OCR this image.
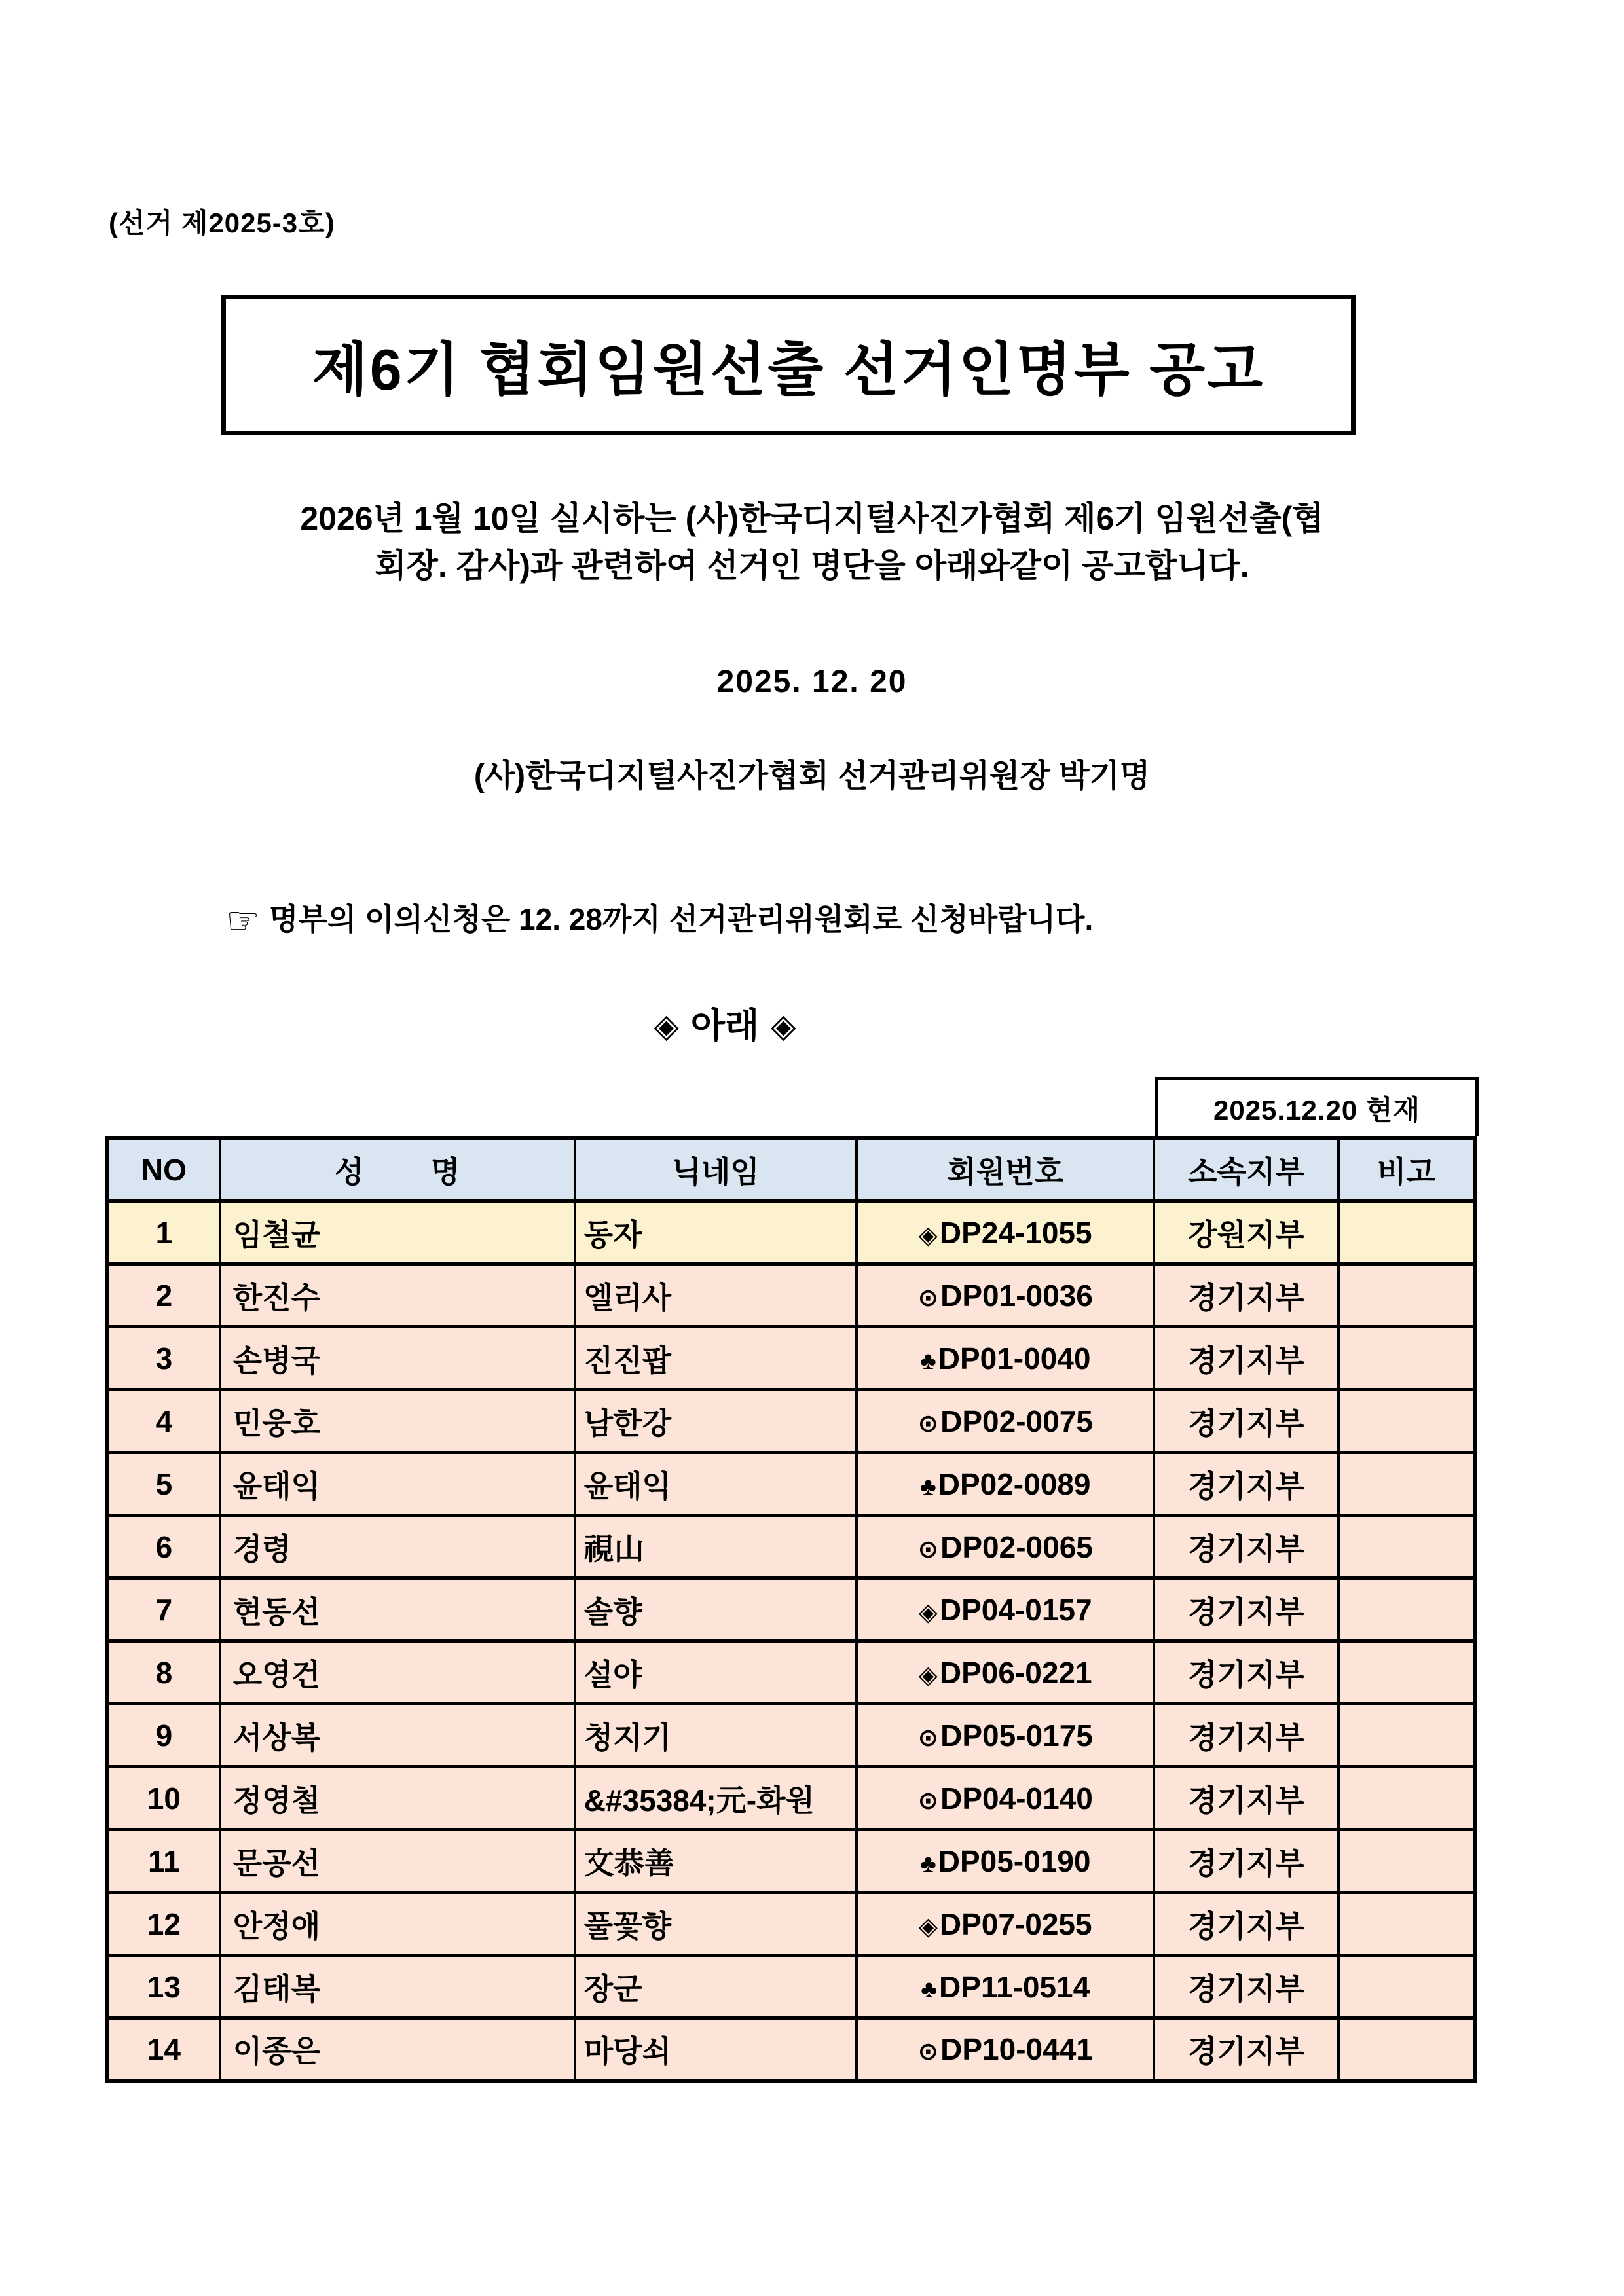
(선거 제2025-3호)
제6기 협회임원선출 선거인명부 공고
2026년 1월 10일 실시하는 (사)한국디지털사진가협회 제6기 임원선출(협
회장. 감사)과 관련하여 선거인 명단을 아래와같이 공고합니다.
2025. 12. 20
(사)한국디지털사진가협회 선거관리위원장 박기명
☞ 명부의 이의신청은 12. 28까지 선거관리위원회로 신청바랍니다.
◈ 아래 ◈
2025.12.20 현재
NO	성        명	닉네임	회원번호	소속지부	비고
1	임철균	동자	◈DP24-1055	강원지부	
2	한진수	엘리사	⊙DP01-0036	경기지부	
3	손병국	진진팝	♣DP01-0040	경기지부	
4	민웅호	남한강	⊙DP02-0075	경기지부	
5	윤태익	윤태익	♣DP02-0089	경기지부	
6	경령	視山	⊙DP02-0065	경기지부	
7	현동선	솔향	◈DP04-0157	경기지부	
8	오영건	설야	◈DP06-0221	경기지부	
9	서상복	청지기	⊙DP05-0175	경기지부	
10	정영철	&#35384;元-화원	⊙DP04-0140	경기지부	
11	문공선	文恭善	♣DP05-0190	경기지부	
12	안정애	풀꽃향	◈DP07-0255	경기지부	
13	김태복	장군	♣DP11-0514	경기지부	
14	이종은	마당쇠	⊙DP10-0441	경기지부	
